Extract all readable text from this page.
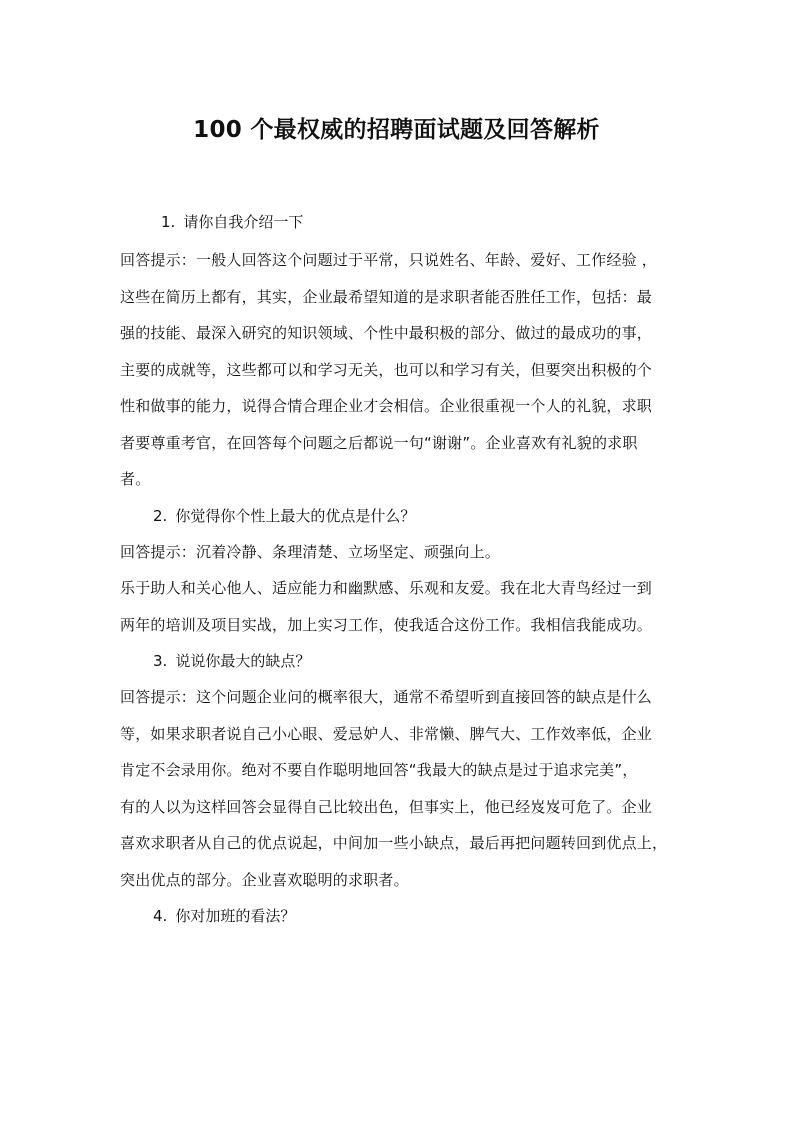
100 个最权威的招聘面试题及回答解析
1. 请你自我介绍一下
回答提示：一般人回答这个问题过于平常，只说姓名、年龄、爱好、工作经验 ，
这些在简历上都有，其实，企业最希望知道的是求职者能否胜任工作，包括：最
强的技能、最深入研究的知识领域、个性中最积极的部分、做过的最成功的事，
主要的成就等，这些都可以和学习无关，也可以和学习有关，但要突出积极的个
性和做事的能力，说得合情合理企业才会相信。企业很重视一个人的礼貌，求职
者要尊重考官，在回答每个问题之后都说一句“谢谢”。企业喜欢有礼貌的求职
者。
2. 你觉得你个性上最大的优点是什么？
回答提示：沉着冷静、条理清楚、立场坚定、顽强向上。
乐于助人和关心他人、适应能力和幽默感、乐观和友爱。我在北大青鸟经过一到
两年的培训及项目实战，加上实习工作，使我适合这份工作。我相信我能成功。
3. 说说你最大的缺点？
回答提示：这个问题企业问的概率很大，通常不希望听到直接回答的缺点是什么
等，如果求职者说自己小心眼、爱忌妒人、非常懒、脾气大、工作效率低，企业
肯定不会录用你。绝对不要自作聪明地回答“我最大的缺点是过于追求完美”，
有的人以为这样回答会显得自己比较出色，但事实上，他已经岌岌可危了。企业
喜欢求职者从自己的优点说起，中间加一些小缺点，最后再把问题转回到优点上，
突出优点的部分。企业喜欢聪明的求职者。
4. 你对加班的看法？
